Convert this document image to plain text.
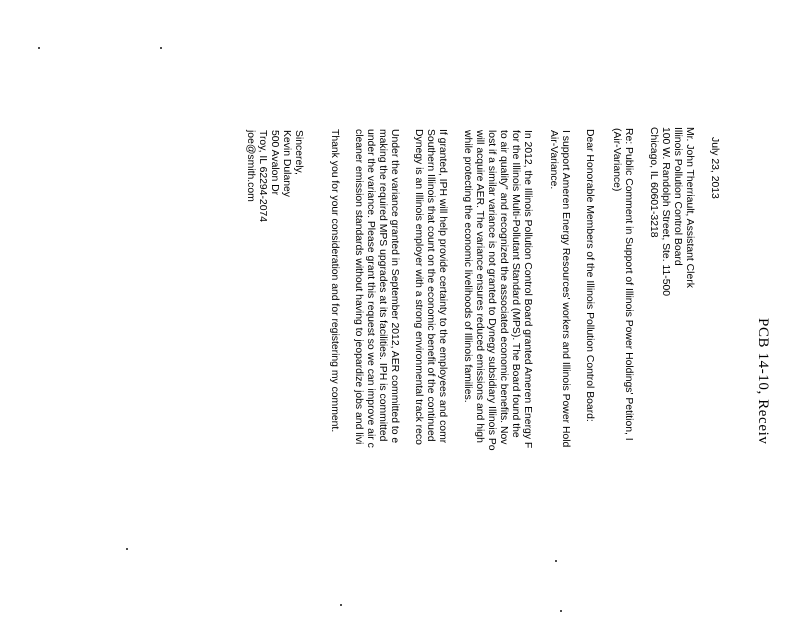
PCB 14-10, Receiv
July 23, 2013
Mr. John Therriault, Assistant Clerk
Illinois Pollution Control Board
100 W. Randolph Street, Ste. 11-500
Chicago, IL 60601-3218
Re: Public Comment in Support of Illinois Power Holdings' Petition, I
(Air-Variance)
Dear Honorable Members of the Illinois Pollution Control Board:
I support Ameren Energy Resources' workers and Illinois Power Hold
Air-Variance.
In 2012, the Illinois Pollution Control Board granted Ameren Energy F
for the Illinois Multi-Pollutant Standard (MPS). The Board found the
to air quality" and recognized the associated economic benefits. Nov
lost if a similar variance is not granted to Dynegy subsidiary Illinois Po
will acquire AER. The variance ensures reduced emissions and high
while protecting the economic livelihoods of Illinois families.
If granted, IPH will help provide certainty to the employees and comr
Southern Illinois that count on the economic benefit of the continued
Dynegy is an Illinois employer with a strong environmental track reco
Under the variance granted in September 2012, AER committed to e
making the required MPS upgrades at its facilities. IPH is committed
under the variance. Please grant this request so we can improve air c
cleaner emission standards without having to jeopardize jobs and livi
Thank you for your consideration and for registering my comment.
Sincerely,
Kevin Dulaney
500 Avalon Dr
Troy, IL 62294-2074
joe@smith.com
